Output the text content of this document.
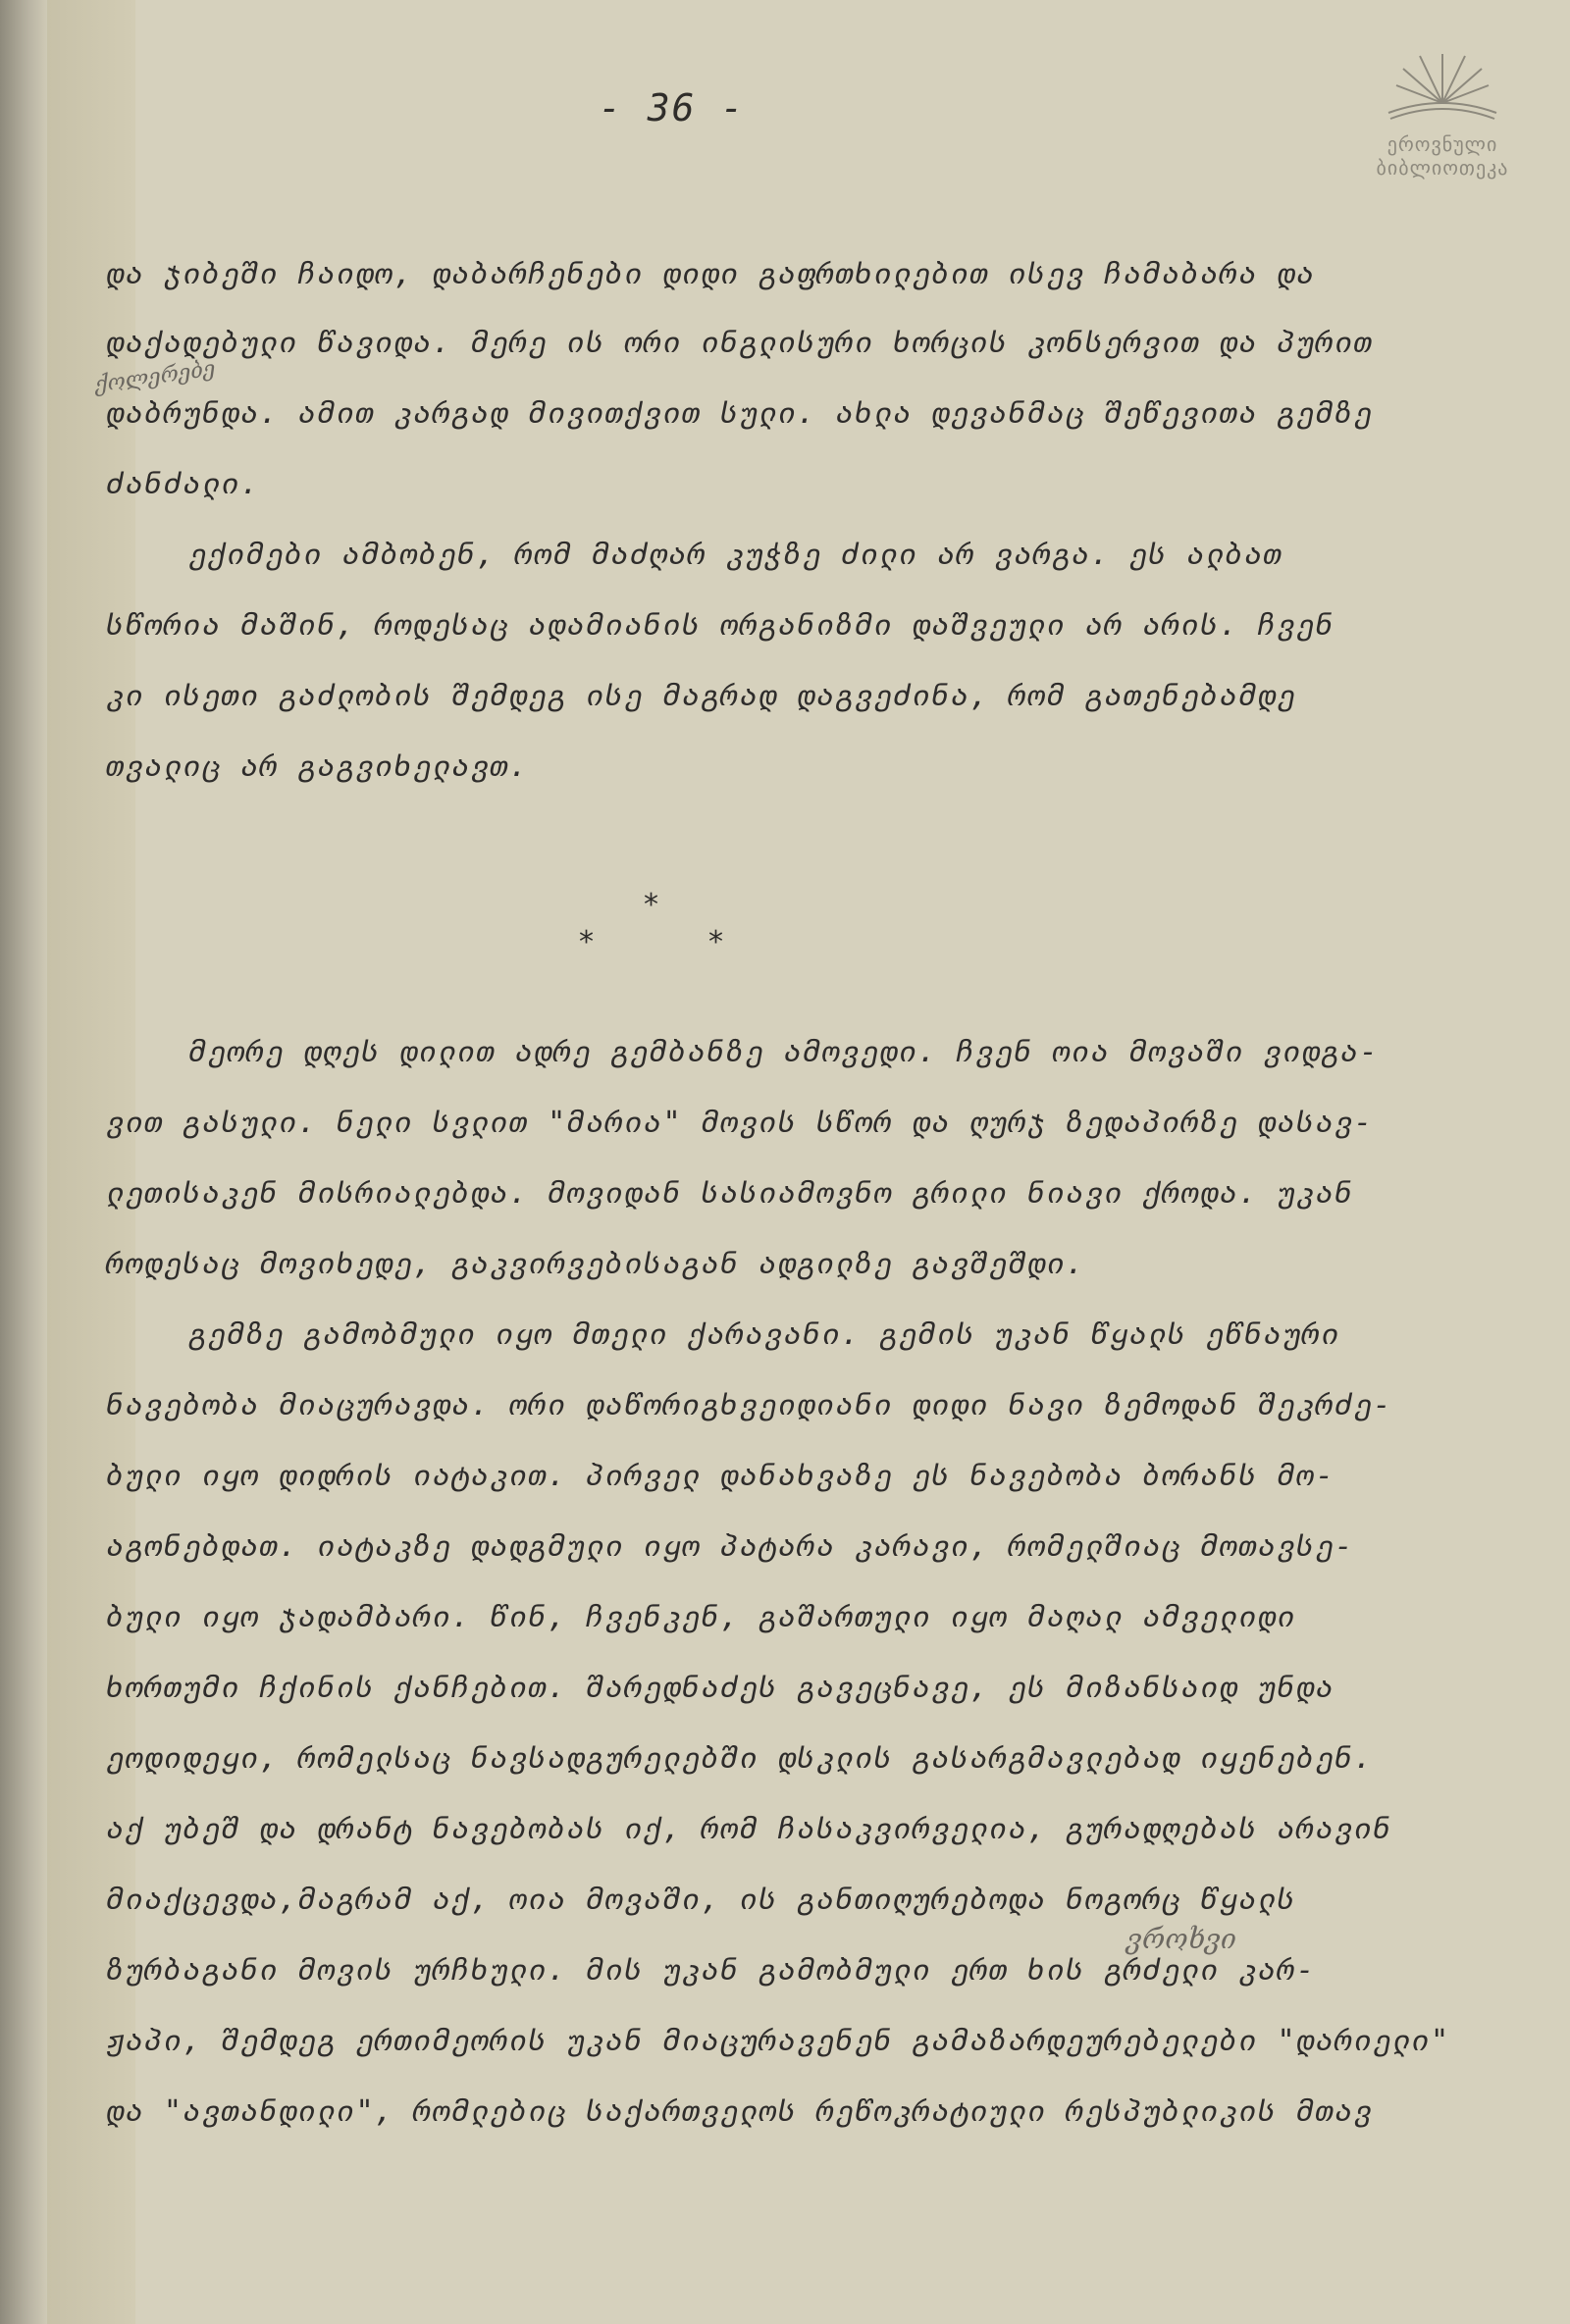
- 36 -
ეროვნული
ბიბლიოთეკა
ქოლერებე
და ჯიბეში ჩაიდო, დაბარჩენები დიდი გაფრთხილებით ისევ ჩამაბარა და
დაქადებული წავიდა. მერე ის ორი ინგლისური ხორცის კონსერვით და პურით
დაბრუნდა. ამით კარგად მივითქვით სული. ახლა დევანმაც შეწევითა გემზე
ძანძალი.
ექიმები ამბობენ, რომ მაძღარ კუჭზე ძილი არ ვარგა. ეს ალბათ
სწორია მაშინ, როდესაც ადამიანის ორგანიზმი დაშვეული არ არის. ჩვენ
კი ისეთი გაძლობის შემდეგ ისე მაგრად დაგვეძინა, რომ გათენებამდე
თვალიც არ გაგვიხელავთ.
*
*	*
მეორე დღეს დილით ადრე გემბანზე ამოვედი. ჩვენ ოია მოვაში ვიდგა-
ვით გასული. ნელი სვლით "მარია" მოვის სწორ და ღურჯ ზედაპირზე დასავ-
ლეთისაკენ მისრიალებდა. მოვიდან სასიამოვნო გრილი ნიავი ქროდა. უკან
როდესაც მოვიხედე, გაკვირვებისაგან ადგილზე გავშეშდი.
გემზე გამობმული იყო მთელი ქარავანი. გემის უკან წყალს ეწნაური
ნავებობა მიაცურავდა. ორი დაწორიგხვეიდიანი დიდი ნავი ზემოდან შეკრძე-
ბული იყო დიდრის იატაკით. პირველ დანახვაზე ეს ნავებობა ბორანს მო-
აგონებდათ. იატაკზე დადგმული იყო პატარა კარავი, რომელშიაც მოთავსე-
ბული იყო ჯადამბარი. წინ, ჩვენკენ, გაშართული იყო მაღალ ამველიდი
ხორთუმი ჩქინის ქანჩებით. შარედნაძეს გავეცნავე, ეს მიზანსაიდ უნდა
ეოდიდეყი, რომელსაც ნავსადგურელებში დსკლის გასარგმავლებად იყენებენ.
აქ უბეშ და დრანტ ნავებობას იქ, რომ ჩასაკვირველია, გურადღებას არავინ
მიაქცევდა,მაგრამ აქ, ოია მოვაში, ის განთიღურებოდა ნოგორც წყალს
ვროხვი
ზურბაგანი მოვის ურჩხული. მის უკან გამობმული ერთ ხის გრძელი კარ-
ჟაპი, შემდეგ ერთიმეორის უკან მიაცურავენენ გამაზარდეურებელები "დარიელი"
და "ავთანდილი", რომლებიც საქართველოს რეწოკრატიული რესპუბლიკის მთავ
